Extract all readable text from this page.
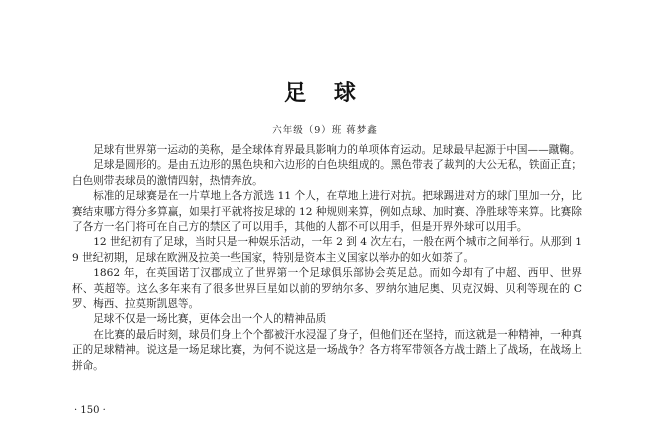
足 球
六年级（9）班 蒋梦鑫

足球有世界第一运动的美称，是全球体育界最具影响力的单项体育运动。足球最早起源于中国——蹴鞠。

足球是圆形的。是由五边形的黑色块和六边形的白色块组成的。黑色带表了裁判的大公无私，铁面正直；白色则带表球员的激情四射，热情奔放。

标准的足球赛是在一片草地上各方派选 11 个人，在草地上进行对抗。把球踢进对方的球门里加一分，比赛结束哪方得分多算赢，如果打平就将按足球的 12 种规则来算，例如点球、加时赛、净胜球等来算。比赛除了各方一名门将可在自己方的禁区了可以用手，其他的人都不可以用手，但是开界外球可以用手。

12 世纪初有了足球，当时只是一种娱乐活动，一年 2 到 4 次左右，一般在两个城市之间举行。从那到 19 世纪初期，足球在欧洲及拉美一些国家，特别是资本主义国家以举办的如火如荼了。

1862 年，在英国诺丁汉郡成立了世界第一个足球俱乐部协会英足总。而如今却有了中超、西甲、世界杯、英超等。这么多年来有了很多世界巨星如以前的罗纳尔多、罗纳尔迪尼奥、贝克汉姆、贝利等现在的 C 罗、梅西、拉莫斯凯恩等。

足球不仅是一场比赛，更体会出一个人的精神品质

在比赛的最后时刻，球员们身上个个都被汗水浸湿了身子，但他们还在坚持，而这就是一种精神，一种真正的足球精神。说这是一场足球比赛，为何不说这是一场战争？各方将军带领各方战士踏上了战场，在战场上拼命。

· 150 ·
